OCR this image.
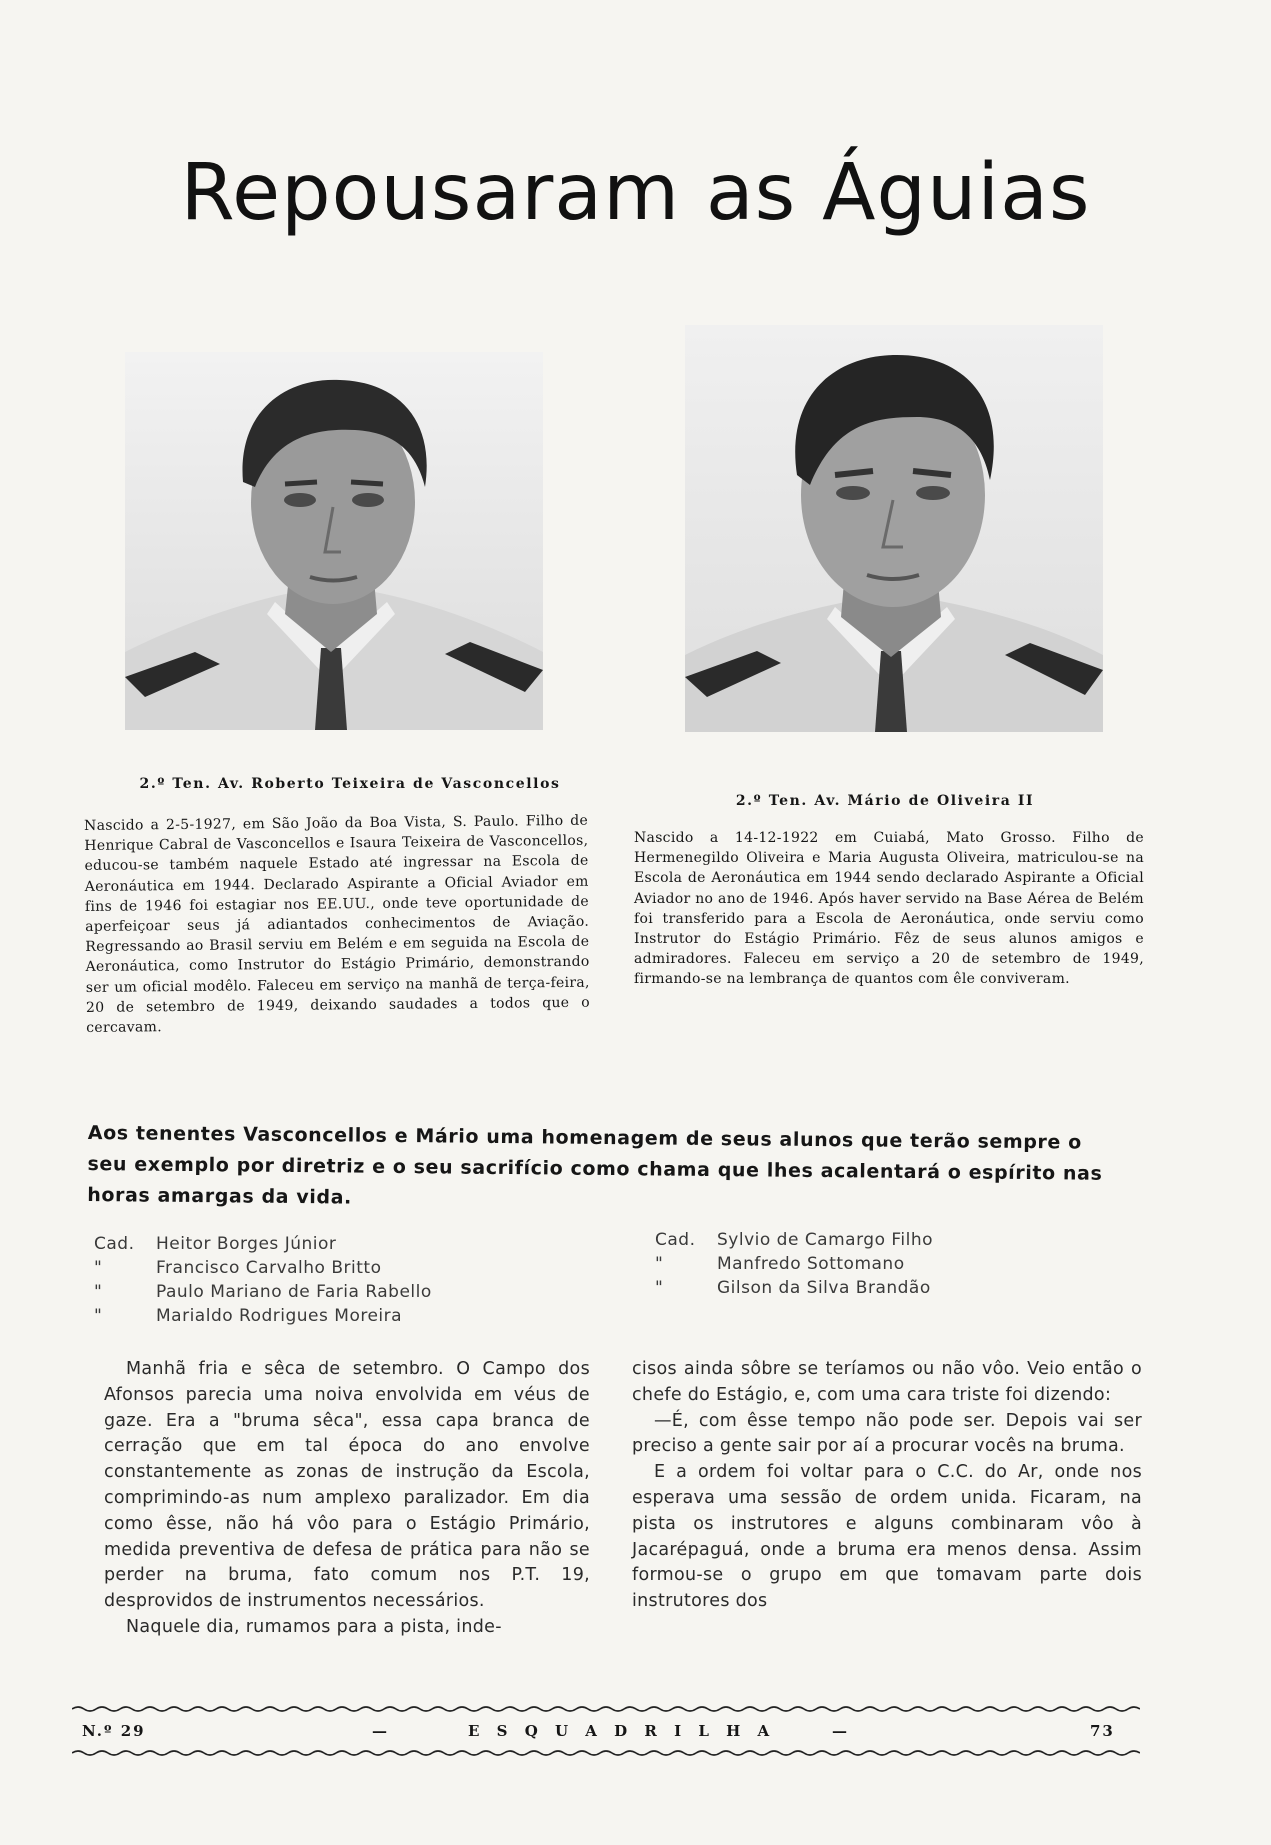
Repousaram as Águias
2.º Ten. Av. Roberto Teixeira de Vasconcellos
2.º Ten. Av. Mário de Oliveira II
Nascido a 2-5-1927, em São João da Boa Vista, S. Paulo. Filho de Henrique Cabral de Vasconcellos e Isaura Teixeira de Vasconcellos, educou-se também naquele Estado até ingressar na Escola de Aeronáutica em 1944. Declarado Aspirante a Oficial Aviador em fins de 1946 foi estagiar nos EE.UU., onde teve oportunidade de aperfeiçoar seus já adiantados conhecimentos de Aviação. Regressando ao Brasil serviu em Belém e em seguida na Escola de Aeronáutica, como Instrutor do Estágio Primário, demonstrando ser um oficial modêlo. Faleceu em serviço na manhã de terça-feira, 20 de setembro de 1949, deixando saudades a todos que o cercavam.
Nascido a 14-12-1922 em Cuiabá, Mato Grosso. Filho de Hermenegildo Oliveira e Maria Augusta Oliveira, matriculou-se na Escola de Aeronáutica em 1944 sendo declarado Aspirante a Oficial Aviador no ano de 1946. Após haver servido na Base Aérea de Belém foi transferido para a Escola de Aeronáutica, onde serviu como Instrutor do Estágio Primário. Fêz de seus alunos amigos e admiradores. Faleceu em serviço a 20 de setembro de 1949, firmando-se na lembrança de quantos com êle conviveram.
Aos tenentes Vasconcellos e Mário uma homenagem de seus alunos que terão sempre o seu exemplo por diretriz e o seu sacrifício como chama que lhes acalentará o espírito nas horas amargas da vida.
Cad.	Heitor Borges Júnior
"	Francisco Carvalho Britto
"	Paulo Mariano de Faria Rabello
"	Marialdo Rodrigues Moreira
Cad.	Sylvio de Camargo Filho
"	Manfredo Sottomano
"	Gilson da Silva Brandão

Manhã fria e sêca de setembro. O Campo dos Afonsos parecia uma noiva envolvida em véus de gaze. Era a "bruma sêca", essa capa branca de cerração que em tal época do ano envolve constantemente as zonas de instrução da Escola, comprimindo-as num amplexo paralizador. Em dia como êsse, não há vôo para o Estágio Primário, medida preventiva de defesa de prática para não se perder na bruma, fato comum nos P.T. 19, desprovidos de instrumentos necessários.

Naquele dia, rumamos para a pista, inde-

cisos ainda sôbre se teríamos ou não vôo. Veio então o chefe do Estágio, e, com uma cara triste foi dizendo:

—É, com êsse tempo não pode ser. Depois vai ser preciso a gente sair por aí a procurar vocês na bruma.

E a ordem foi voltar para o C.C. do Ar, onde nos esperava uma sessão de ordem unida. Ficaram, na pista os instrutores e alguns combinaram vôo à Jacarépaguá, onde a bruma era menos densa. Assim formou-se o grupo em que tomavam parte dois instrutores dos

N.º 29	—	E S Q U A D R I L H A	—	73
